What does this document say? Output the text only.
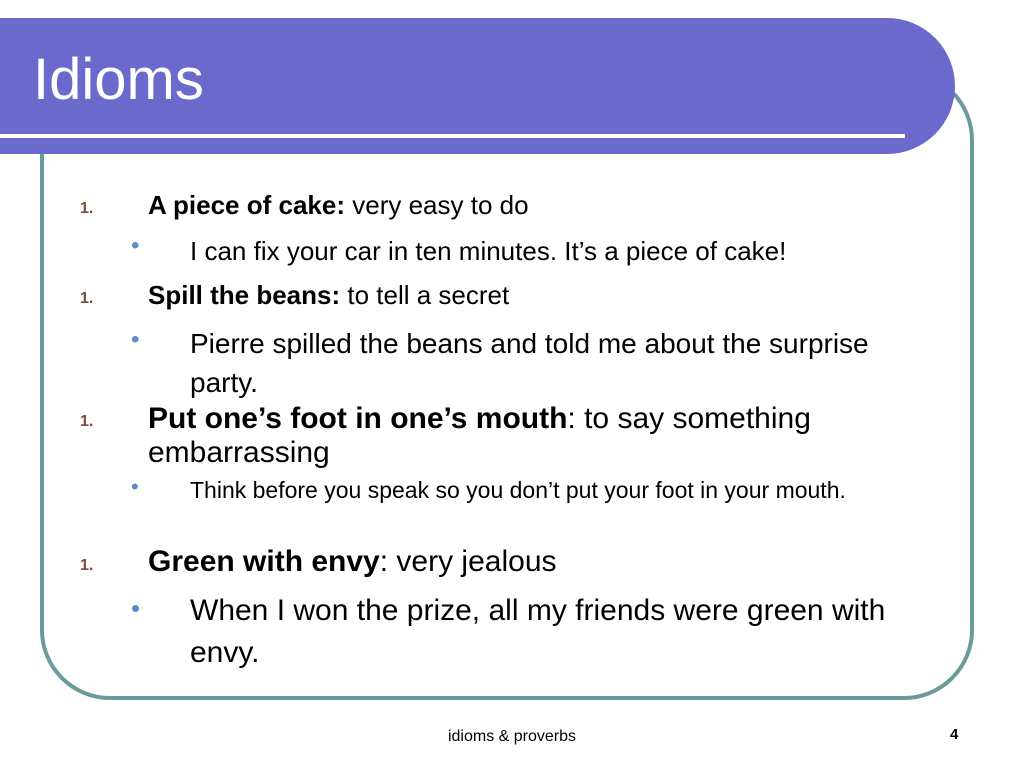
Idioms
1. A piece of cake: very easy to do
• I can fix your car in ten minutes. It’s a piece of cake!
1. Spill the beans: to tell a secret
• Pierre spilled the beans and told me about the surprise party.
1. Put one’s foot in one’s mouth: to say something embarrassing
• Think before you speak so you don’t put your foot in your mouth.
1. Green with envy: very jealous
• When I won the prize, all my friends were green with envy.
idioms & proverbs	4
